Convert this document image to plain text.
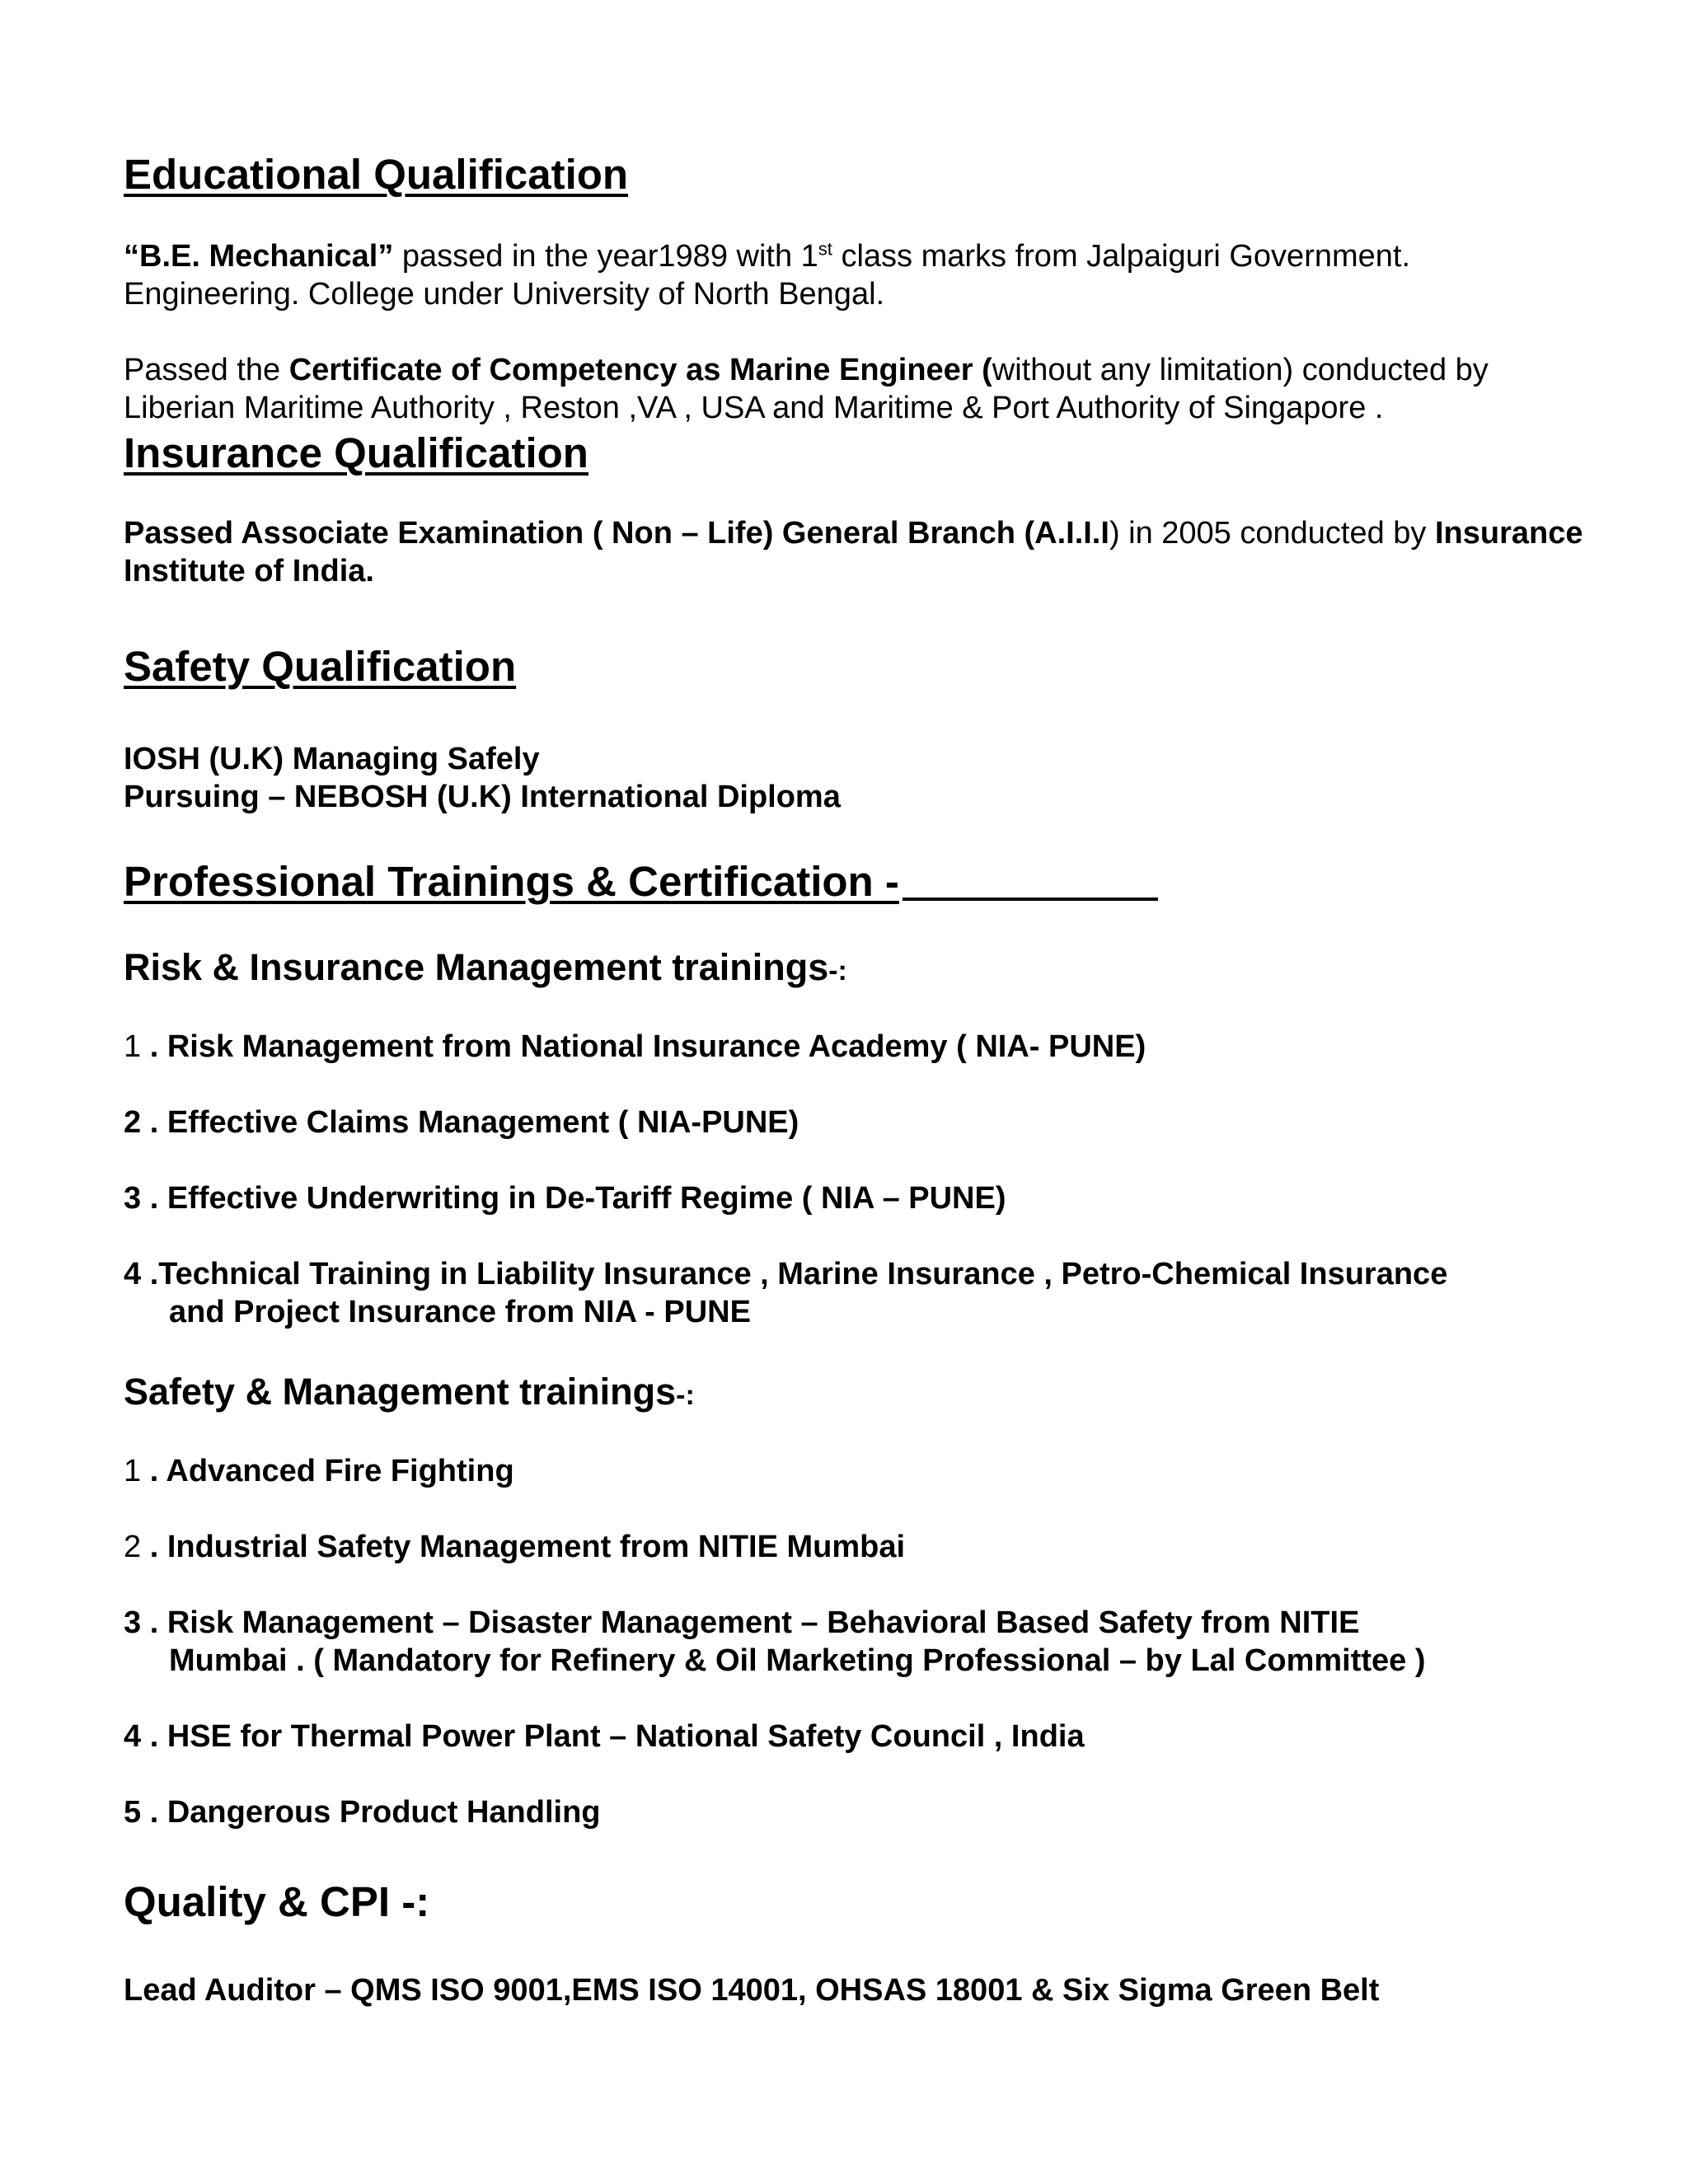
Educational Qualification
“B.E. Mechanical” passed in the year1989 with 1st class marks from Jalpaiguri Government. Engineering. College under University of North Bengal.
Passed the Certificate of Competency as Marine Engineer (without any limitation) conducted by Liberian Maritime Authority , Reston ,VA , USA and Maritime & Port Authority of Singapore .
Insurance Qualification
Passed Associate Examination ( Non – Life) General Branch (A.I.I.I) in 2005 conducted by Insurance Institute of India.
Safety Qualification
IOSH (U.K) Managing Safely
Pursuing – NEBOSH (U.K) International Diploma
Professional Trainings & Certification -
Risk & Insurance Management trainings-:
1 . Risk Management from National Insurance Academy ( NIA- PUNE)
2 . Effective Claims Management ( NIA-PUNE)
3 . Effective Underwriting in De-Tariff Regime ( NIA – PUNE)
4 .Technical Training in Liability Insurance , Marine Insurance , Petro-Chemical Insurance
and Project Insurance from NIA - PUNE
Safety & Management trainings-:
1 . Advanced Fire Fighting
2 . Industrial Safety Management from NITIE Mumbai
3 . Risk Management – Disaster Management – Behavioral Based Safety from NITIE
Mumbai . ( Mandatory for Refinery & Oil Marketing Professional – by Lal Committee )
4 . HSE for Thermal Power Plant – National Safety Council , India
5 . Dangerous Product Handling
Quality & CPI -:
Lead Auditor – QMS ISO 9001,EMS ISO 14001, OHSAS 18001 & Six Sigma Green Belt
